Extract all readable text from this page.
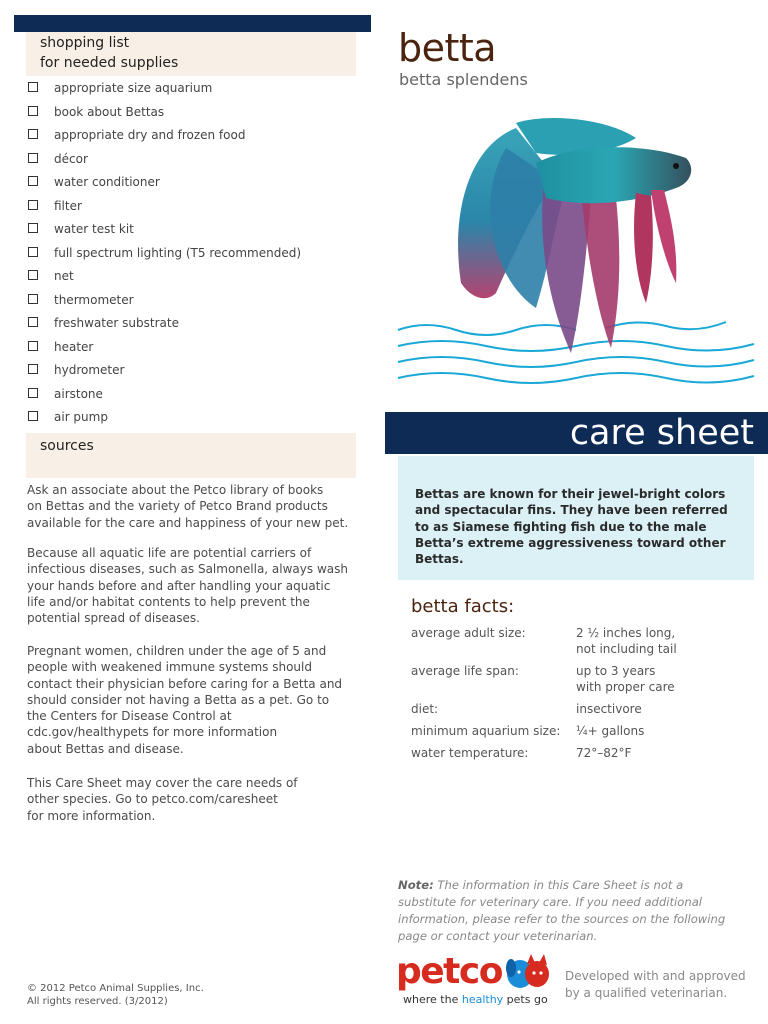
shopping list
for needed supplies
appropriate size aquarium
book about Bettas
appropriate dry and frozen food
décor
water conditioner
filter
water test kit
full spectrum lighting (T5 recommended)
net
thermometer
freshwater substrate
heater
hydrometer
airstone
air pump
sources

Ask an associate about the Petco library of books
on Bettas and the variety of Petco Brand products
available for the care and happiness of your new pet.

Because all aquatic life are potential carriers of
infectious diseases, such as Salmonella, always wash
your hands before and after handling your aquatic
life and/or habitat contents to help prevent the
potential spread of diseases.

Pregnant women, children under the age of 5 and
people with weakened immune systems should
contact their physician before caring for a Betta and
should consider not having a Betta as a pet. Go to
the Centers for Disease Control at
cdc.gov/healthypets for more information
about Bettas and disease.

This Care Sheet may cover the care needs of
other species. Go to petco.com/caresheet
for more information.

© 2012 Petco Animal Supplies, Inc.
All rights reserved. (3/2012)
betta
betta splendens
care sheet

Bettas are known for their jewel-bright colors and spectacular fins. They have been referred to as Siamese fighting fish due to the male Betta’s extreme aggressiveness toward other Bettas.

betta facts:
average adult size:	2 ½ inches long,
not including tail
average life span:	up to 3 years
with proper care
diet:	insectivore
minimum aquarium size: ¼+ gallons
water temperature:	72°–82°F
Note: The information in this Care Sheet is not a substitute for veterinary care. If you need additional information, please refer to the sources on the following page or contact your veterinarian.
petco
where the healthy pets go
Developed with and approved
by a qualified veterinarian.
